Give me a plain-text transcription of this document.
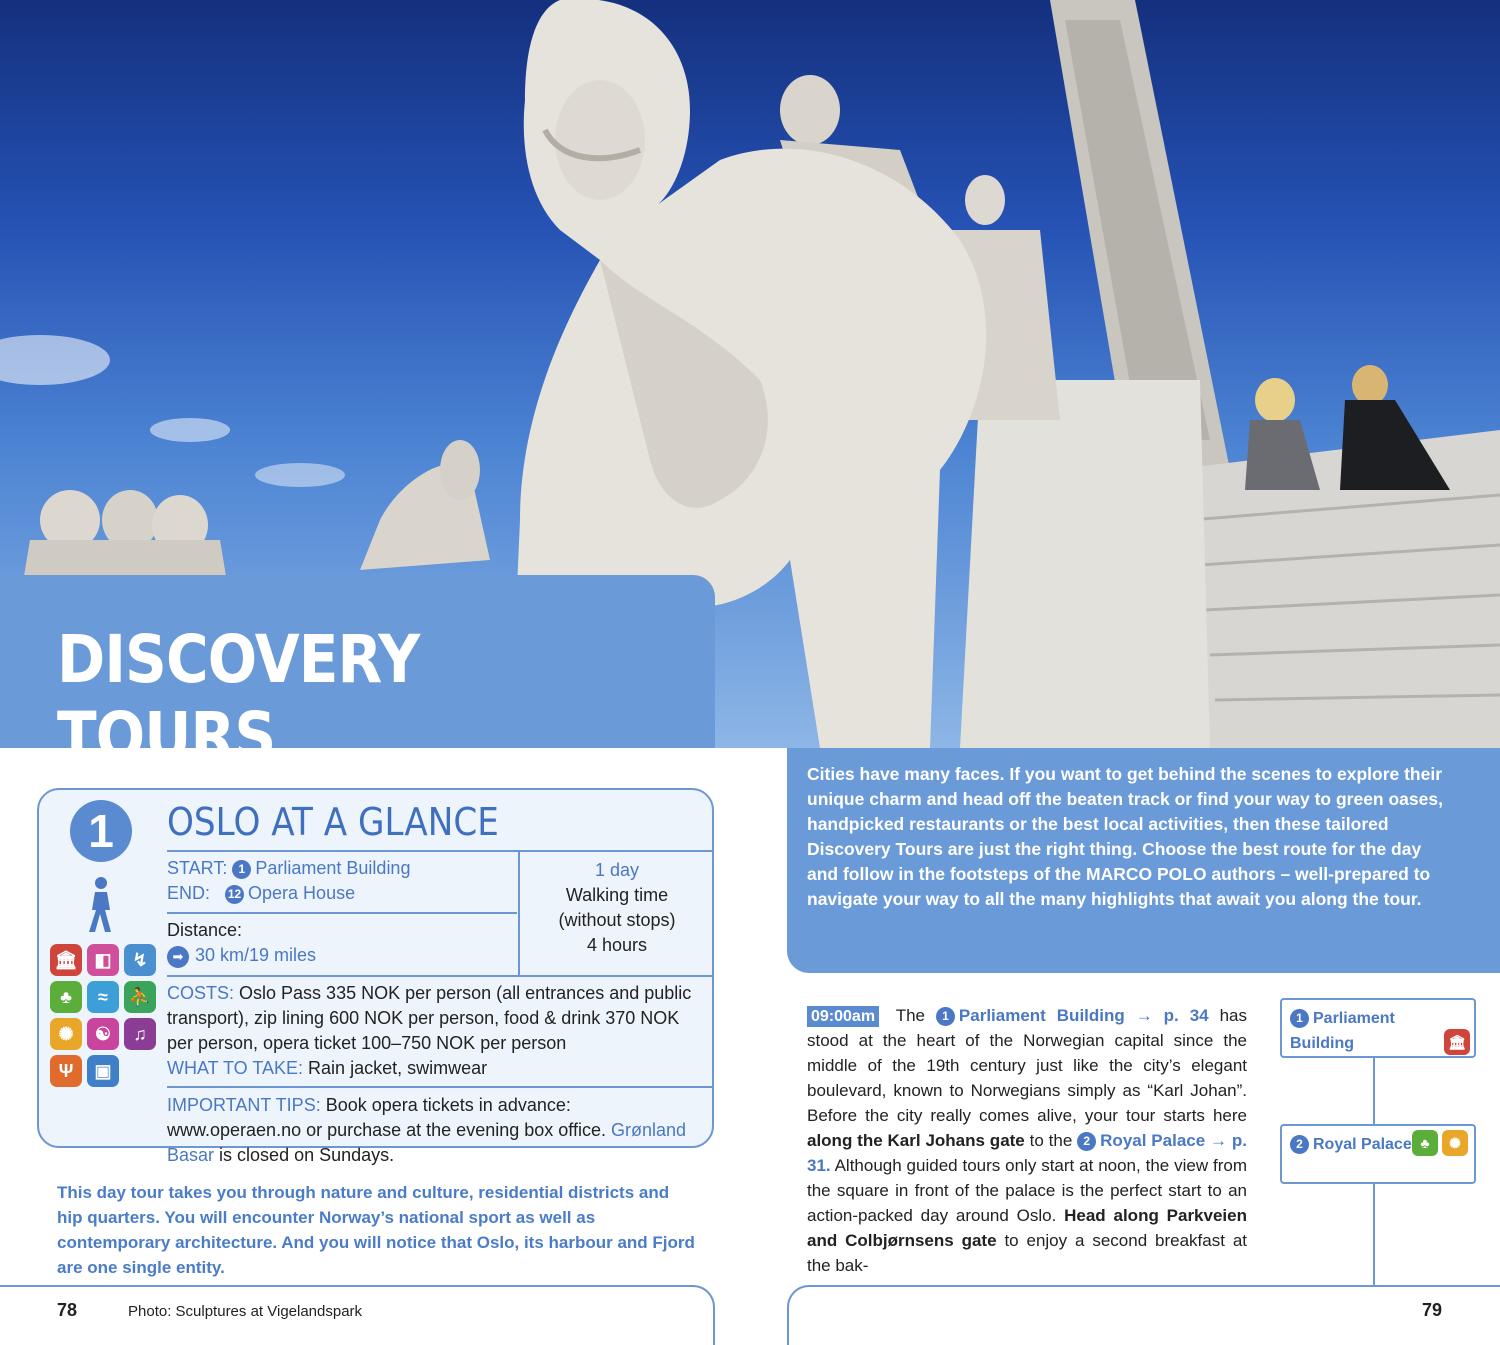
DISCOVERY TOURS
1	OSLO AT A GLANCE
🏛 ◧	↯
♣	≈	⛹
✺	☯	♫
Ψ	▣
START: 1 Parliament Building
END: 12 Opera House
Distance:
➡ 30 km/19 miles
1 day
Walking time
(without stops)
4 hours
COSTS: Oslo Pass 335 NOK per person (all entrances and public transport), zip lining 600 NOK per person, food & drink 370 NOK per person, opera ticket 100–750 NOK per person
WHAT TO TAKE: Rain jacket, swimwear
IMPORTANT TIPS: Book opera tickets in advance: www.operaen.no or purchase at the evening box office. Grønland Basar is closed on Sundays.
This day tour takes you through nature and culture, residential districts and hip quarters. You will encounter Norway’s national sport as well as contemporary architecture. And you will notice that Oslo, its harbour and Fjord are one single entity.

Cities have many faces. If you want to get behind the scenes to explore their unique charm and head off the beaten track or find your way to green oases, handpicked restaurants or the best local activities, then these tailored Discovery Tours are just the right thing. Choose the best route for the day and follow in the footsteps of the MARCO POLO authors – well-prepared to navigate your way to all the many highlights that await you along the tour.

09:00am The 1 Parliament Building → p. 34 has stood at the heart of the Norwegian capital since the middle of the 19th century just like the city’s elegant boulevard, known to Norwegians simply as “Karl Johan”. Before the city really comes alive, your tour starts here along the Karl Johans gate to the 2 Royal Palace → p. 31. Although guided tours only start at noon, the view from the square in front of the palace is the perfect start to an action-packed day around Oslo. Head along Parkveien and Colbjørnsens gate to enjoy a second breakfast at the bak-
1 Parliament
Building	🏛
2 Royal Palace ♣	✺
78	Photo: Sculptures at Vigelandspark	79
